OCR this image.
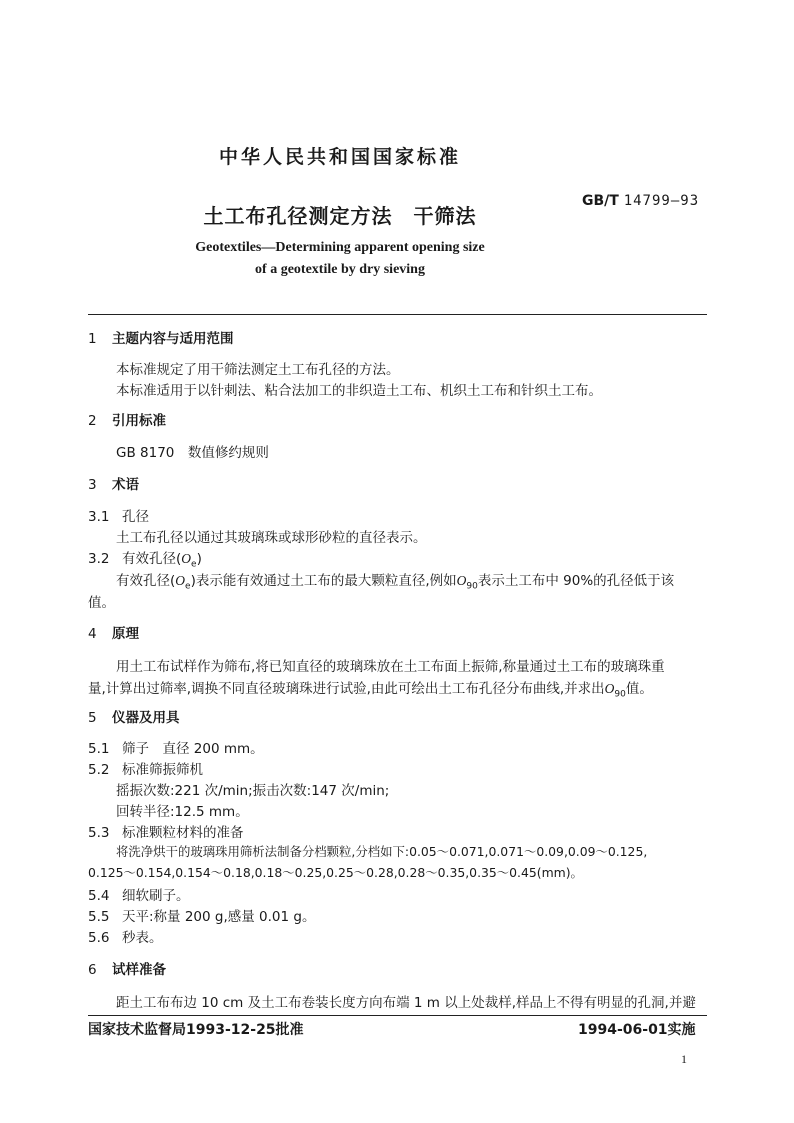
中华人民共和国国家标准
土工布孔径测定方法　干筛法
GB/T 14799—93
Geotextiles—Determining apparent opening size
of a geotextile by dry sieving
1 主题内容与适用范围
本标准规定了用干筛法测定土工布孔径的方法。
本标准适用于以针刺法、粘合法加工的非织造土工布、机织土工布和针织土工布。
2 引用标准
GB 8170　数值修约规则
3 术语
3.1 孔径
土工布孔径以通过其玻璃珠或球形砂粒的直径表示。
3.2 有效孔径$(O_e)$
有效孔径$(O_e)$表示能有效通过土工布的最大颗粒直径,例如$O_{90}$表示土工布中 90%的孔径低于该
值。
4 原理
用土工布试样作为筛布,将已知直径的玻璃珠放在土工布面上振筛,称量通过土工布的玻璃珠重
量,计算出过筛率,调换不同直径玻璃珠进行试验,由此可绘出土工布孔径分布曲线,并求出$O_{90}$值。
5 仪器及用具
5.1 筛子　直径 200 mm。
5.2 标准筛振筛机
摇振次数:221 次/min;振击次数:147 次/min;
回转半径:12.5 mm。
5.3 标准颗粒材料的准备
将洗净烘干的玻璃珠用筛析法制备分档颗粒,分档如下:0.05～0.071,0.071～0.09,0.09～0.125,
0.125～0.154,0.154～0.18,0.18～0.25,0.25～0.28,0.28～0.35,0.35～0.45(mm)。
5.4 细软刷子。
5.5 天平:称量 200 g,感量 0.01 g。
5.6 秒表。
6 试样准备
距土工布布边 10 cm 及土工布卷装长度方向布端 1 m 以上处裁样,样品上不得有明显的孔洞,并避
国家技术监督局1993-12-25批准	1994-06-01实施
1
